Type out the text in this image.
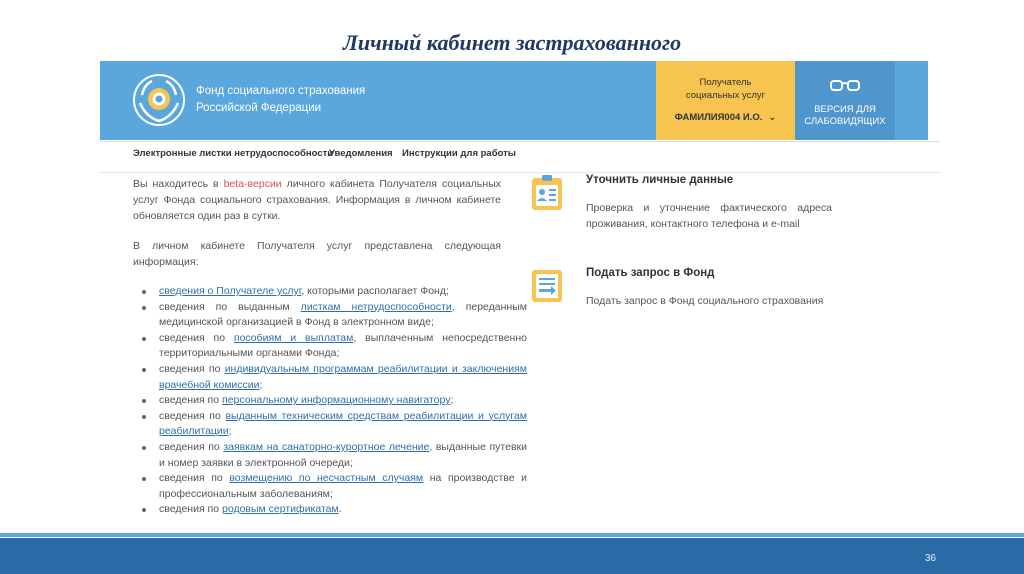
Личный кабинет застрахованного
Фонд социального страхования
Российской Федерации
Получатель
социальных услуг
ФАМИЛИЯ004 И.О. ⌄
ВЕРСИЯ ДЛЯ
СЛАБОВИДЯЩИХ
Электронные листки нетрудоспособности
Уведомления Инструкции для работы
Вы находитесь в beta-версии личного кабинета Получателя социальных услуг Фонда социального страхования. Информация в личном кабинете обновляется один раз в сутки.
В личном кабинете Получателя услуг представлена следующая информация:
сведения о Получателе услуг, которыми располагает Фонд;
сведения по выданным листкам нетрудоспособности, переданным медицинской организацией в Фонд в электронном виде;
сведения по пособиям и выплатам, выплаченным непосредственно территориальными органами Фонда;
сведения по индивидуальным программам реабилитации и заключениям врачебной комиссии;
сведения по персональному информационному навигатору;
сведения по выданным техническим средствам реабилитации и услугам реабилитации;
сведения по заявкам на санаторно-курортное лечение, выданные путевки и номер заявки в электронной очереди;
сведения по возмещению по несчастным случаям на производстве и профессиональным заболеваниям;
сведения по родовым сертификатам.
Уточнить личные данные
Проверка и уточнение фактического адреса проживания, контактного телефона и e-mail
Подать запрос в Фонд
Подать запрос в Фонд социального страхования
36
